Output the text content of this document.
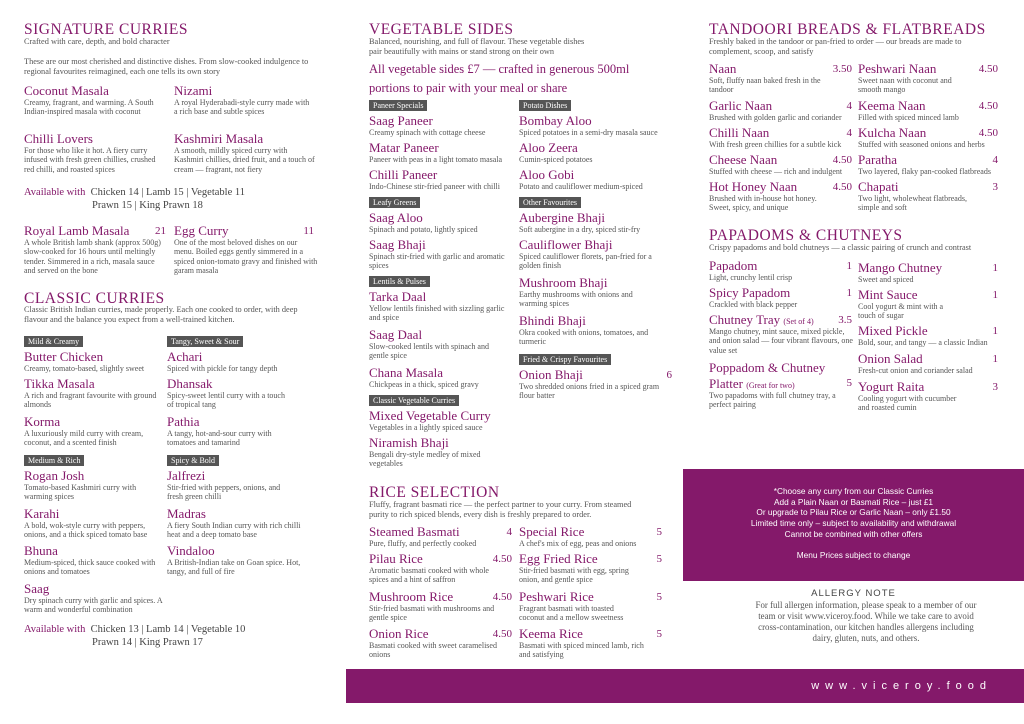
SIGNATURE CURRIES
Crafted with care, depth, and bold character
These are our most cherished and distinctive dishes. From slow-cooked indulgence to regional favourites reimagined, each one tells its own story
Coconut Masala
Creamy, fragrant, and warming. A South Indian-inspired masala with coconut
Nizami
A royal Hyderabadi-style curry made with a rich base and subtle spices
Chilli Lovers
For those who like it hot. A fiery curry infused with fresh green chillies, crushed red chilli, and roasted spices
Kashmiri Masala
A smooth, mildly spiced curry with Kashmiri chillies, dried fruit, and a touch of cream — fragrant, not fiery
Available with Chicken 14 | Lamb 15 | Vegetable 11
Prawn 15 | King Prawn 18
Royal Lamb Masala	21
A whole British lamb shank (approx 500g) slow-cooked for 16 hours until meltingly tender. Simmered in a rich, masala sauce and served on the bone
Egg Curry	11
One of the most beloved dishes on our menu. Boiled eggs gently simmered in a spiced onion-tomato gravy and finished with garam masala
CLASSIC CURRIES
Classic British Indian curries, made properly. Each one cooked to order, with deep flavour and the balance you expect from a well-trained kitchen.
Mild & Creamy	Tangy, Sweet & Sour
Butter Chicken
Creamy, tomato-based, slightly sweet
Achari
Spiced with pickle for tangy depth
Tikka Masala
A rich and fragrant favourite with ground almonds
Dhansak
Spicy-sweet lentil curry with a touch of tropical tang
Korma
A luxuriously mild curry with cream, coconut, and a scented finish
Pathia
A tangy, hot-and-sour curry with tomatoes and tamarind
Medium & Rich	Spicy & Bold
Rogan Josh
Tomato-based Kashmiri curry with warming spices
Jalfrezi
Stir-fried with peppers, onions, and fresh green chilli
Karahi
A bold, wok-style curry with peppers, onions, and a thick spiced tomato base
Madras
A fiery South Indian curry with rich chilli heat and a deep tomato base
Bhuna
Medium-spiced, thick sauce cooked with onions and tomatoes
Vindaloo
A British-Indian take on Goan spice. Hot, tangy, and full of fire
Saag
Dry spinach curry with garlic and spices. A warm and wonderful combination
Available with Chicken 13 | Lamb 14 | Vegetable 10
Prawn 14 | King Prawn 17
VEGETABLE SIDES
Balanced, nourishing, and full of flavour. These vegetable dishes pair beautifully with mains or stand strong on their own
All vegetable sides £7 — crafted in generous 500ml portions to pair with your meal or share
Paneer Specials	Potato Dishes
Saag Paneer
Creamy spinach with cottage cheese
Matar Paneer
Paneer with peas in a light tomato masala
Chilli Paneer
Indo-Chinese stir-fried paneer with chilli
Bombay Aloo
Spiced potatoes in a semi-dry masala sauce
Aloo Zeera
Cumin-spiced potatoes
Aloo Gobi
Potato and cauliflower medium-spiced
Leafy Greens	Other Favourites
Saag Aloo
Spinach and potato, lightly spiced
Saag Bhaji
Spinach stir-fried with garlic and aromatic spices
Aubergine Bhaji
Soft aubergine in a dry, spiced stir-fry
Cauliflower Bhaji
Spiced cauliflower florets, pan-fried for a golden finish
Lentils & Pulses	Mushroom Bhaji
Earthy mushrooms with onions and warming spices
Bhindi Bhaji
Okra cooked with onions, tomatoes, and turmeric
Tarka Daal
Yellow lentils finished with sizzling garlic and spice
Saag Daal
Slow-cooked lentils with spinach and gentle spice
Chana Masala
Chickpeas in a thick, spiced gravy
Fried & Crispy Favourites
Onion Bhaji	6
Two shredded onions fried in a spiced gram flour batter
Classic Vegetable Curries
Mixed Vegetable Curry
Vegetables in a lightly spiced sauce
Niramish Bhaji
Bengali dry-style medley of mixed vegetables
RICE SELECTION
Fluffy, fragrant basmati rice — the perfect partner to your curry. From steamed purity to rich spiced blends, every dish is freshly prepared to order.
Steamed Basmati	4
Pure, fluffy, and perfectly cooked
Special Rice	5
A chef's mix of egg, peas and onions
Pilau Rice	4.50
Aromatic basmati cooked with whole spices and a hint of saffron
Egg Fried Rice	5
Stir-fried basmati with egg, spring onion, and gentle spice
Mushroom Rice	4.50
Stir-fried basmati with mushrooms and gentle spice
Peshwari Rice	5
Fragrant basmati with toasted coconut and a mellow sweetness
Onion Rice	4.50
Basmati cooked with sweet caramelised onions
Keema Rice	5
Basmati with spiced minced lamb, rich and satisfying
TANDOORI BREADS & FLATBREADS
Freshly baked in the tandoor or pan-fried to order — our breads are made to complement, scoop, and satisfy
Naan	3.50
Soft, fluffy naan baked fresh in the tandoor
Peshwari Naan	4.50
Sweet naan with coconut and smooth mango
Garlic Naan	4
Brushed with golden garlic and coriander
Keema Naan	4.50
Filled with spiced minced lamb
Chilli Naan	4
With fresh green chillies for a subtle kick
Kulcha Naan	4.50
Stuffed with seasoned onions and herbs
Cheese Naan	4.50
Stuffed with cheese — rich and indulgent
Paratha	4
Two layered, flaky pan-cooked flatbreads
Hot Honey Naan	4.50
Brushed with in-house hot honey. Sweet, spicy, and unique
Chapati	3
Two light, wholewheat flatbreads, simple and soft
PAPADOMS & CHUTNEYS
Crispy papadoms and bold chutneys — a classic pairing of crunch and contrast
Papadom	1
Light, crunchy lentil crisp
Mango Chutney	1
Sweet and spiced
Spicy Papadom	1
Crackled with black pepper
Mint Sauce	1
Cool yogurt & mint with a touch of sugar
Chutney Tray (Set of 4)	3.5
Mango chutney, mint sauce, mixed pickle, and onion salad — four vibrant flavours, one value set
Mixed Pickle	1
Bold, sour, and tangy — a classic Indian
Onion Salad	1
Fresh-cut onion and coriander salad
Poppadom & Chutney Platter (Great for two)	5
Two papadoms with full chutney tray, a perfect pairing
Yogurt Raita	3
Cooling yogurt with cucumber and roasted cumin

*Choose any curry from our Classic Curries

Add a Plain Naan or Basmati Rice – just £1

Or upgrade to Pilau Rice or Garlic Naan – only £1.50

Limited time only – subject to availability and withdrawal

Cannot be combined with other offers

Menu Prices subject to change

ALLERGY NOTE
For full allergen information, please speak to a member of our team or visit www.viceroy.food. While we take care to avoid cross-contamination, our kitchen handles allergens including dairy, gluten, nuts, and others.
www.viceroy.food
